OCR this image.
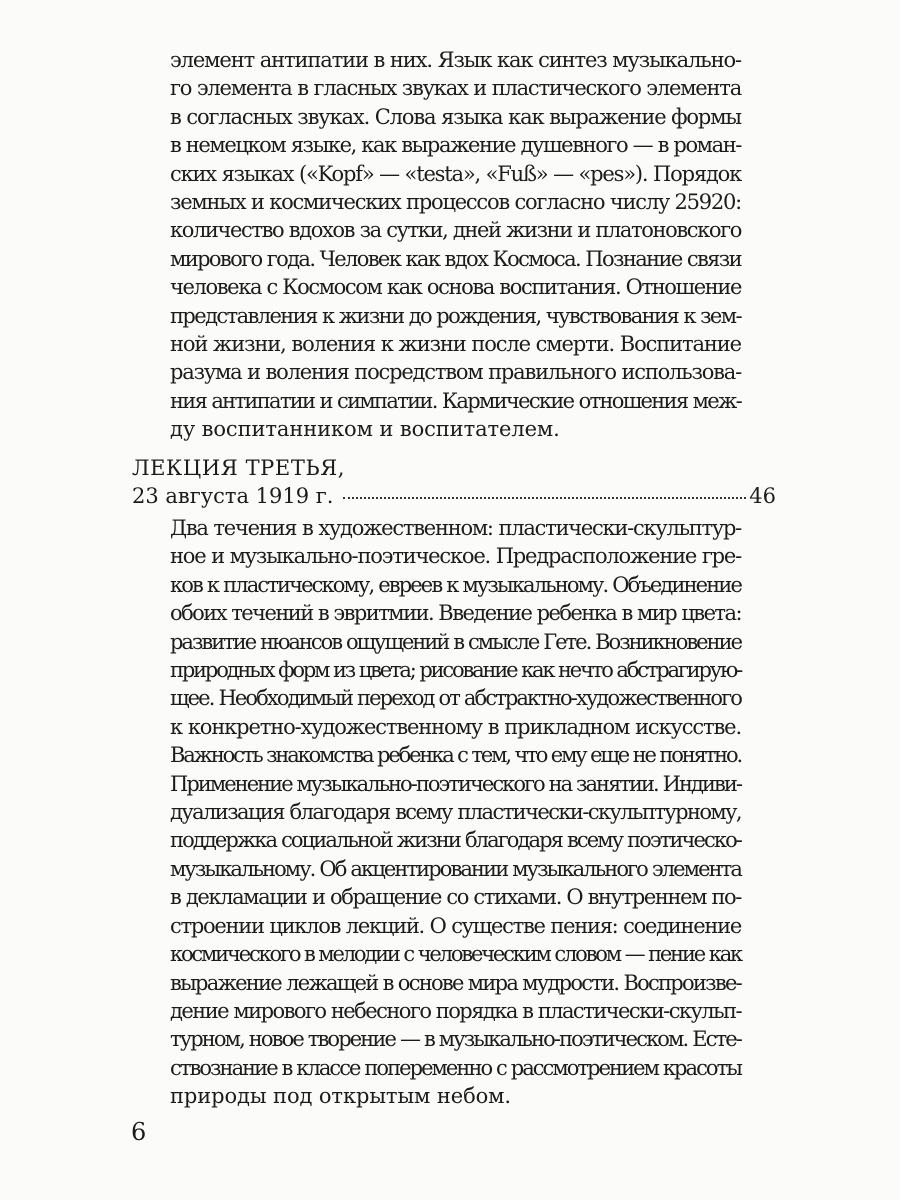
элемент антипатии в них. Язык как синтез музыкально-
го элемента в гласных звуках и пластического элемента
в согласных звуках. Слова языка как выражение формы
в немецком языке, как выражение душевного — в роман-
ских языках («Kopf» — «testa», «Fuß» — «pes»). Порядок
земных и космических процессов согласно числу 25920:
количество вдохов за сутки, дней жизни и платоновского
мирового года. Человек как вдох Космоса. Познание связи
человека с Космосом как основа воспитания. Отношение
представления к жизни до рождения, чувствования к зем-
ной жизни, воления к жизни после смерти. Воспитание
разума и воления посредством правильного использова-
ния антипатии и симпатии. Кармические отношения меж-
ду воспитанником и воспитателем.
ЛЕКЦИЯ ТРЕТЬЯ,
23 августа 1919 г.	46
Два течения в художественном: пластически-скульптур-
ное и музыкально-поэтическое. Предрасположение гре-
ков к пластическому, евреев к музыкальному. Объединение
обоих течений в эвритмии. Введение ребенка в мир цвета:
развитие нюансов ощущений в смысле Гете. Возникновение
природных форм из цвета; рисование как нечто абстрагирую-
щее. Необходимый переход от абстрактно-художественного
к конкретно-художественному в прикладном искусстве.
Важность знакомства ребенка с тем, что ему еще не понятно.
Применение музыкально-поэтического на занятии. Индиви-
дуализация благодаря всему пластически-скульптурному,
поддержка социальной жизни благодаря всему поэтическо-
музыкальному. Об акцентировании музыкального элемента
в декламации и обращение со стихами. О внутреннем по-
строении циклов лекций. О существе пения: соединение
космического в мелодии с человеческим словом — пение как
выражение лежащей в основе мира мудрости. Воспроизве-
дение мирового небесного порядка в пластически-скульп-
турном, новое творение — в музыкально-поэтическом. Есте-
ствознание в классе попеременно с рассмотрением красоты
природы под открытым небом.
6
